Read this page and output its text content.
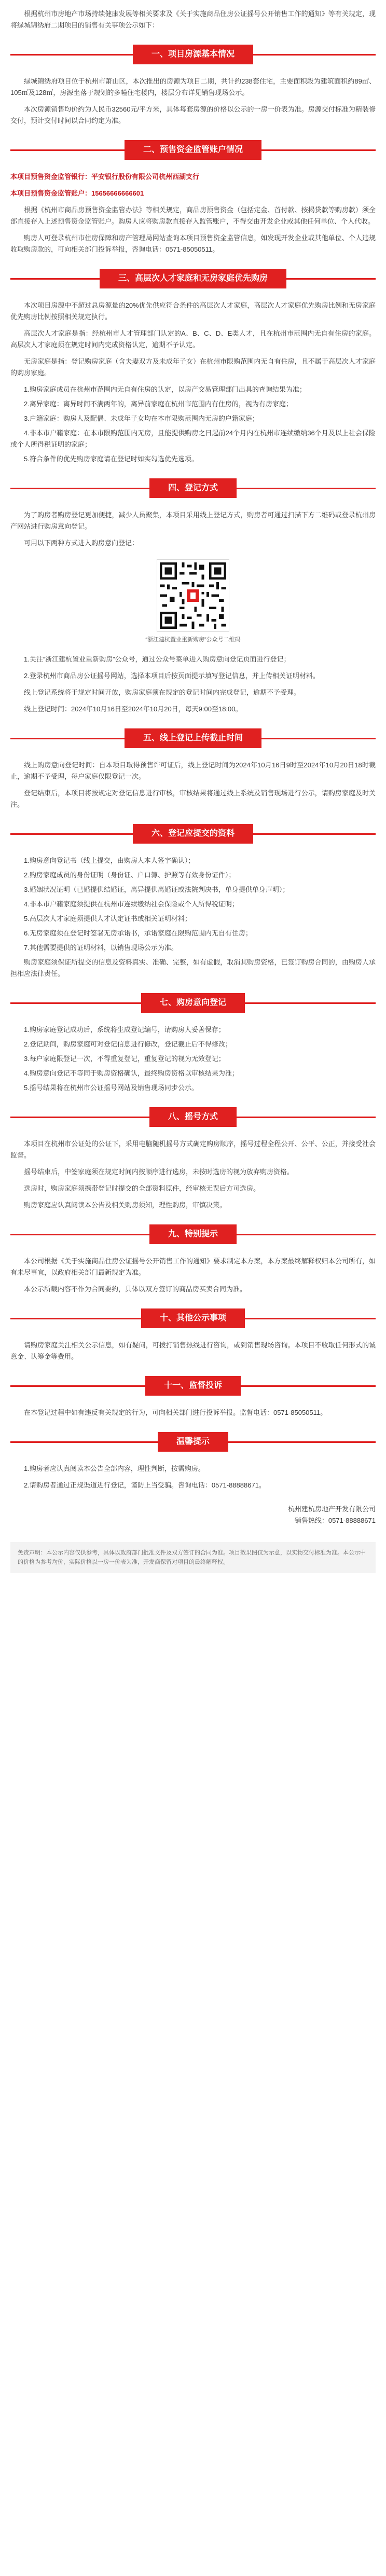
根据杭州市房地产市场持续健康发展等相关要求及《关于实施商品住房公证摇号公开销售工作的通知》等有关规定，现将绿城锦绣府二期项目的销售有关事项公示如下：

一、项目房源基本情况

绿城锦绣府项目位于杭州市萧山区，本次推出的房源为项目二期，共计约238套住宅，主要面积段为建筑面积约89㎡、105㎡及128㎡，房源坐落于规划的多幢住宅楼内，楼层分布详见销售现场公示。

本次房源销售均价约为人民币32560元/平方米，具体每套房源的价格以公示的一房一价表为准。房源交付标准为精装修交付，预计交付时间以合同约定为准。

二、预售资金监管账户情况

本项目预售资金监管银行：平安银行股份有限公司杭州西湖支行

本项目预售资金监管账户：15656666666601

根据《杭州市商品房预售资金监管办法》等相关规定，商品房预售资金（包括定金、首付款、按揭贷款等购房款）须全部直接存入上述预售资金监管账户。购房人应将购房款直接存入监管账户，不得交由开发企业或其他任何单位、个人代收。

购房人可登录杭州市住房保障和房产管理局网站查询本项目预售资金监管信息，如发现开发企业或其他单位、个人违规收取购房款的，可向相关部门投诉举报，咨询电话：0571-85050511。

三、高层次人才家庭和无房家庭优先购房

本次项目房源中不超过总房源量的20%优先供应符合条件的高层次人才家庭，高层次人才家庭优先购房比例和无房家庭优先购房比例按照相关规定执行。

高层次人才家庭是指：经杭州市人才管理部门认定的A、B、C、D、E类人才，且在杭州市范围内无自有住房的家庭。高层次人才家庭须在规定时间内完成资格认定，逾期不予认定。

无房家庭是指：登记购房家庭（含夫妻双方及未成年子女）在杭州市限购范围内无自有住房，且不属于高层次人才家庭的购房家庭。

1.购房家庭成员在杭州市范围内无自有住房的认定，以房产交易管理部门出具的查询结果为准；
2.离异家庭：离异时间不满两年的，离异前家庭在杭州市范围内有住房的，视为有房家庭；
3.户籍家庭：购房人及配偶、未成年子女均在本市限购范围内无房的户籍家庭；
4.非本市户籍家庭：在本市限购范围内无房，且能提供购房之日起前24个月内在杭州市连续缴纳36个月及以上社会保险或个人所得税证明的家庭；
5.符合条件的优先购房家庭请在登记时如实勾选优先选项。
四、登记方式

为了购房者购房登记更加便捷，减少人员聚集，本项目采用线上登记方式，购房者可通过扫描下方二维码或登录杭州房产网站进行购房意向登记。

可用以下两种方式进入购房意向登记：

“浙江建杭置业重新购房”公众号二维码

1.关注“浙江建杭置业重新购房”公众号，通过公众号菜单进入购房意向登记页面进行登记；

2.登录杭州市商品房公证摇号网站，选择本项目后按页面提示填写登记信息，并上传相关证明材料。

线上登记系统将于规定时间开放，购房家庭须在规定的登记时间内完成登记，逾期不予受理。

线上登记时间：2024年10月16日至2024年10月20日，每天9:00至18:00。

五、线上登记上传截止时间

线上购房意向登记时间：自本项目取得预售许可证后，线上登记时间为2024年10月16日9时至2024年10月20日18时截止，逾期不予受理，每户家庭仅限登记一次。

登记结束后，本项目将按规定对登记信息进行审核，审核结果将通过线上系统及销售现场进行公示，请购房家庭及时关注。

六、登记应提交的资料
1.购房意向登记书（线上提交，由购房人本人签字确认）；
2.购房家庭成员的身份证明（身份证、户口簿、护照等有效身份证件）；
3.婚姻状况证明（已婚提供结婚证，离异提供离婚证或法院判决书，单身提供单身声明）；
4.非本市户籍家庭须提供在杭州市连续缴纳社会保险或个人所得税证明；
5.高层次人才家庭须提供人才认定证书或相关证明材料；
6.无房家庭须在登记时签署无房承诺书，承诺家庭在限购范围内无自有住房；
7.其他需要提供的证明材料，以销售现场公示为准。

购房家庭须保证所提交的信息及资料真实、准确、完整，如有虚假，取消其购房资格，已签订购房合同的，由购房人承担相应法律责任。

七、购房意向登记
1.购房家庭登记成功后，系统将生成登记编号，请购房人妥善保存；
2.登记期间，购房家庭可对登记信息进行修改，登记截止后不得修改；
3.每户家庭限登记一次，不得重复登记，重复登记的视为无效登记；
4.购房意向登记不等同于购房资格确认，最终购房资格以审核结果为准；
5.摇号结果将在杭州市公证摇号网站及销售现场同步公示。
八、摇号方式

本项目在杭州市公证处的公证下，采用电脑随机摇号方式确定购房顺序，摇号过程全程公开、公平、公正，并接受社会监督。

摇号结束后，中签家庭须在规定时间内按顺序进行选房，未按时选房的视为放弃购房资格。

选房时，购房家庭须携带登记时提交的全部资料原件，经审核无误后方可选房。

购房家庭应认真阅读本公告及相关购房须知，理性购房，审慎决策。

九、特别提示

本公司根据《关于实施商品住房公证摇号公开销售工作的通知》要求制定本方案，本方案最终解释权归本公司所有，如有未尽事宜，以政府相关部门最新规定为准。

本公示所载内容不作为合同要约，具体以双方签订的商品房买卖合同为准。

十、其他公示事项

请购房家庭关注相关公示信息，如有疑问，可拨打销售热线进行咨询，或到销售现场咨询。本项目不收取任何形式的诚意金、认筹金等费用。

十一、监督投诉

在本登记过程中如有违反有关规定的行为，可向相关部门进行投诉举报。监督电话：0571-85050511。

温馨提示

1.购房者应认真阅读本公告全部内容，理性判断，按需购房。

2.请购房者通过正规渠道进行登记，谨防上当受骗。咨询电话：0571-88888671。

杭州建杭房地产开发有限公司
销售热线：0571-88888671
免责声明：本公示内容仅供参考，具体以政府部门批准文件及双方签订的合同为准。项目效果图仅为示意，以实物交付标准为准。本公示中的价格为参考均价，实际价格以一房一价表为准，开发商保留对项目的最终解释权。
